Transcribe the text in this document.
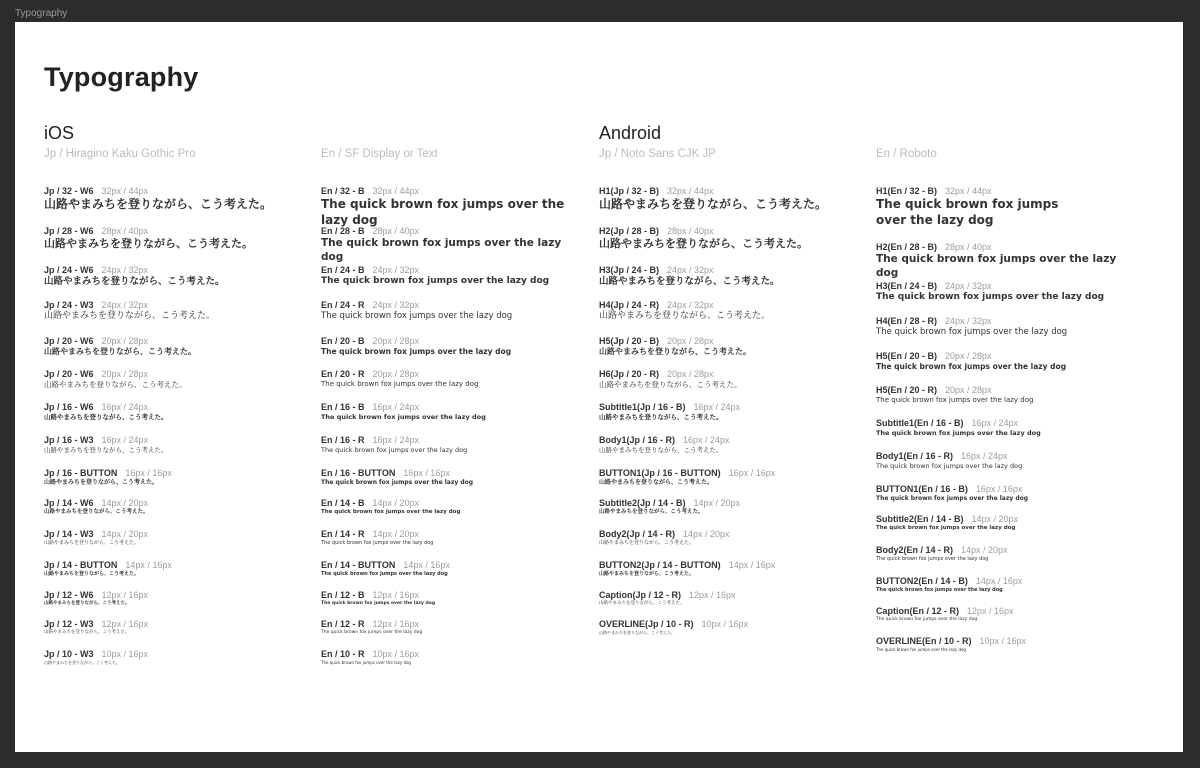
Typography
Typography
iOS
Jp / Hiragino Kaku Gothic Pro	En / SF Display or Text
Android
Jp / Noto Sans CJK JP	En / Roboto
Jp / 32 - W6 32px / 44px
山路やまみちを登りながら、こう考えた。
Jp / 28 - W6 28px / 40px
山路やまみちを登りながら、こう考えた。
Jp / 24 - W6 24px / 32px
山路やまみちを登りながら、こう考えた。
Jp / 24 - W3 24px / 32px
山路やまみちを登りながら、こう考えた。
Jp / 20 - W6 20px / 28px
山路やまみちを登りながら、こう考えた。
Jp / 20 - W6 20px / 28px
山路やまみちを登りながら、こう考えた。
Jp / 16 - W6 16px / 24px
山路やまみちを登りながら、こう考えた。
Jp / 16 - W3 16px / 24px
山路やまみちを登りながら、こう考えた。
Jp / 16 - BUTTON 16px / 16px
山路やまみちを登りながら、こう考えた。
Jp / 14 - W6 14px / 20px
山路やまみちを登りながら、こう考えた。
Jp / 14 - W3 14px / 20px
山路やまみちを登りながら、こう考えた。
Jp / 14 - BUTTON 14px / 16px
山路やまみちを登りながら、こう考えた。
Jp / 12 - W6 12px / 16px
山路やまみちを登りながら、こう考えた。
Jp / 12 - W3 12px / 16px
山路やまみちを登りながら、こう考えた。
Jp / 10 - W3 10px / 16px
山路やまみちを登りながら、こう考えた。
En / 32 - B 32px / 44px
The quick brown fox jumps over the lazy dog
En / 28 - B 28px / 40px
The quick brown fox jumps over the lazy dog
En / 24 - B 24px / 32px
The quick brown fox jumps over the lazy dog
En / 24 - R 24px / 32px
The quick brown fox jumps over the lazy dog
En / 20 - B 20px / 28px
The quick brown fox jumps over the lazy dog
En / 20 - R 20px / 28px
The quick brown fox jumps over the lazy dog
En / 16 - B 16px / 24px
The quick brown fox jumps over the lazy dog
En / 16 - R 16px / 24px
The quick brown fox jumps over the lazy dog
En / 16 - BUTTON 16px / 16px
The quick brown fox jumps over the lazy dog
En / 14 - B 14px / 20px
The quick brown fox jumps over the lazy dog
En / 14 - R 14px / 20px
The quick brown fox jumps over the lazy dog
En / 14 - BUTTON 14px / 16px
The quick brown fox jumps over the lazy dog
En / 12 - B 12px / 16px
The quick brown fox jumps over the lazy dog
En / 12 - R 12px / 16px
The quick brown fox jumps over the lazy dog
En / 10 - R 10px / 16px
The quick brown fox jumps over the lazy dog
H1(Jp / 32 - B) 32px / 44px
山路やまみちを登りながら、こう考えた。
H2(Jp / 28 - B) 28px / 40px
山路やまみちを登りながら、こう考えた。
H3(Jp / 24 - B) 24px / 32px
山路やまみちを登りながら、こう考えた。
H4(Jp / 24 - R) 24px / 32px
山路やまみちを登りながら、こう考えた。
H5(Jp / 20 - B) 20px / 28px
山路やまみちを登りながら、こう考えた。
H6(Jp / 20 - R) 20px / 28px
山路やまみちを登りながら、こう考えた。
Subtitle1(Jp / 16 - B) 16px / 24px
山路やまみちを登りながら、こう考えた。
Body1(Jp / 16 - R) 16px / 24px
山路やまみちを登りながら、こう考えた。
BUTTON1(Jp / 16 - BUTTON) 16px / 16px
山路やまみちを登りながら、こう考えた。
Subtitle2(Jp / 14 - B) 14px / 20px
山路やまみちを登りながら、こう考えた。
Body2(Jp / 14 - R) 14px / 20px
山路やまみちを登りながら、こう考えた。
BUTTON2(Jp / 14 - BUTTON) 14px / 16px
山路やまみちを登りながら、こう考えた。
Caption(Jp / 12 - R) 12px / 16px
山路やまみちを登りながら、こう考えた。
OVERLINE(Jp / 10 - R) 10px / 16px
山路やまみちを登りながら、こう考えた。
H1(En / 32 - B) 32px / 44px
The quick brown fox jumps over the lazy dog
H2(En / 28 - B) 28px / 40px
The quick brown fox jumps over the lazy dog
H3(En / 24 - B) 24px / 32px
The quick brown fox jumps over the lazy dog
H4(En / 28 - R) 24px / 32px
The quick brown fox jumps over the lazy dog
H5(En / 20 - B) 20px / 28px
The quick brown fox jumps over the lazy dog
H5(En / 20 - R) 20px / 28px
The quick brown fox jumps over the lazy dog
Subtitle1(En / 16 - B) 16px / 24px
The quick brown fox jumps over the lazy dog
Body1(En / 16 - R) 16px / 24px
The quick brown fox jumps over the lazy dog
BUTTON1(En / 16 - B) 16px / 16px
The quick brown fox jumps over the lazy dog
Subtitle2(En / 14 - B) 14px / 20px
The quick brown fox jumps over the lazy dog
Body2(En / 14 - R) 14px / 20px
The quick brown fox jumps over the lazy dog
BUTTON2(En / 14 - B) 14px / 16px
The quick brown fox jumps over the lazy dog
Caption(En / 12 - R) 12px / 16px
The quick brown fox jumps over the lazy dog
OVERLINE(En / 10 - R) 10px / 16px
The quick brown fox jumps over the lazy dog
